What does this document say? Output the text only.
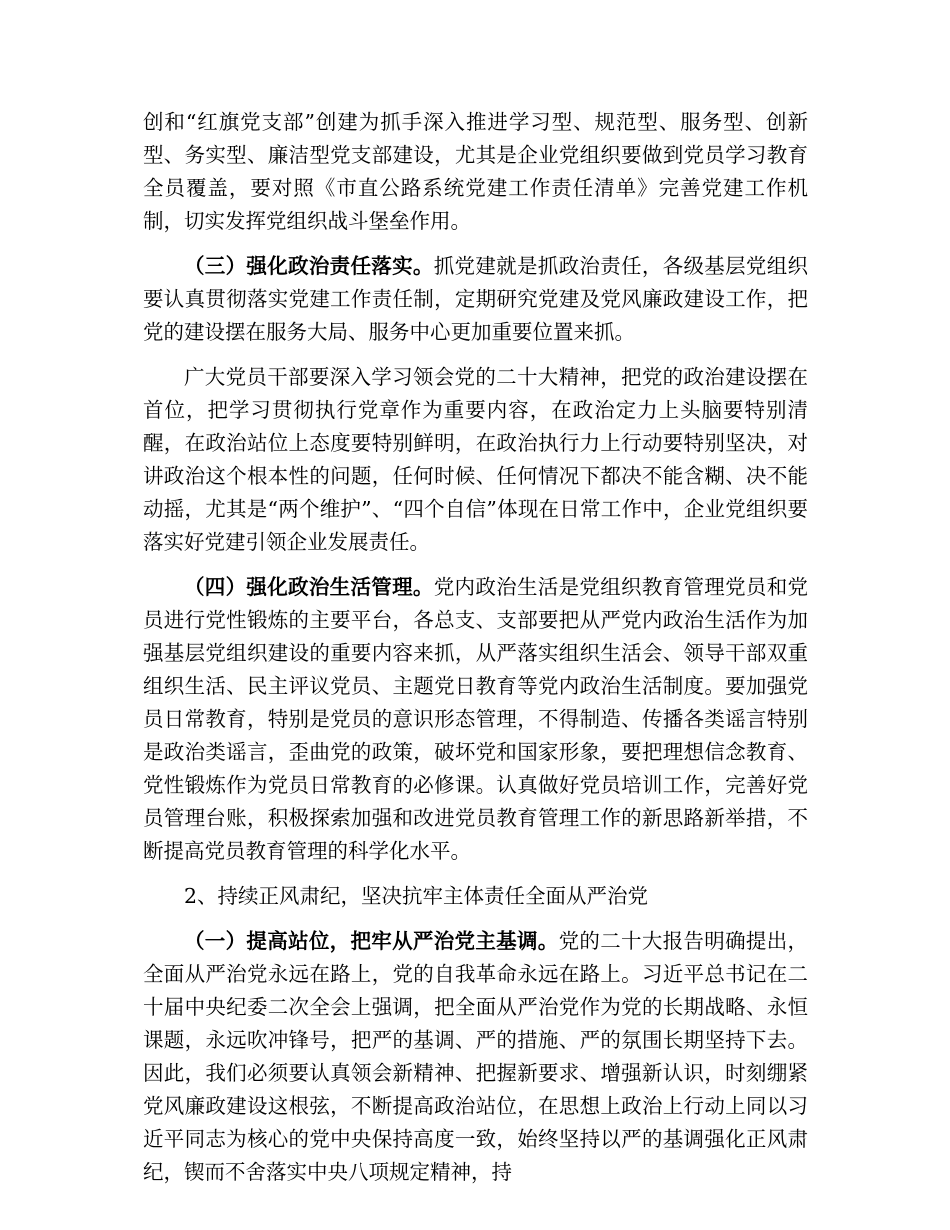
创和“红旗党支部”创建为抓手深入推进学习型、规范型、服务型、创新型、务实型、廉洁型党支部建设，尤其是企业党组织要做到党员学习教育全员覆盖，要对照《市直公路系统党建工作责任清单》完善党建工作机制，切实发挥党组织战斗堡垒作用。

（三）强化政治责任落实。抓党建就是抓政治责任，各级基层党组织要认真贯彻落实党建工作责任制，定期研究党建及党风廉政建设工作，把党的建设摆在服务大局、服务中心更加重要位置来抓。

广大党员干部要深入学习领会党的二十大精神，把党的政治建设摆在首位，把学习贯彻执行党章作为重要内容，在政治定力上头脑要特别清醒，在政治站位上态度要特别鲜明，在政治执行力上行动要特别坚决，对讲政治这个根本性的问题，任何时候、任何情况下都决不能含糊、决不能动摇，尤其是“两个维护”、“四个自信”体现在日常工作中，企业党组织要落实好党建引领企业发展责任。

（四）强化政治生活管理。党内政治生活是党组织教育管理党员和党员进行党性锻炼的主要平台，各总支、支部要把从严党内政治生活作为加强基层党组织建设的重要内容来抓，从严落实组织生活会、领导干部双重组织生活、民主评议党员、主题党日教育等党内政治生活制度。要加强党员日常教育，特别是党员的意识形态管理，不得制造、传播各类谣言特别是政治类谣言，歪曲党的政策，破坏党和国家形象，要把理想信念教育、党性锻炼作为党员日常教育的必修课。认真做好党员培训工作，完善好党员管理台账，积极探索加强和改进党员教育管理工作的新思路新举措，不断提高党员教育管理的科学化水平。

2、持续正风肃纪，坚决抗牢主体责任全面从严治党

（一）提高站位，把牢从严治党主基调。党的二十大报告明确提出，全面从严治党永远在路上，党的自我革命永远在路上。习近平总书记在二十届中央纪委二次全会上强调，把全面从严治党作为党的长期战略、永恒课题，永远吹冲锋号，把严的基调、严的措施、严的氛围长期坚持下去。因此，我们必须要认真领会新精神、把握新要求、增强新认识，时刻绷紧党风廉政建设这根弦，不断提高政治站位，在思想上政治上行动上同以习近平同志为核心的党中央保持高度一致，始终坚持以严的基调强化正风肃纪，锲而不舍落实中央八项规定精神，持
